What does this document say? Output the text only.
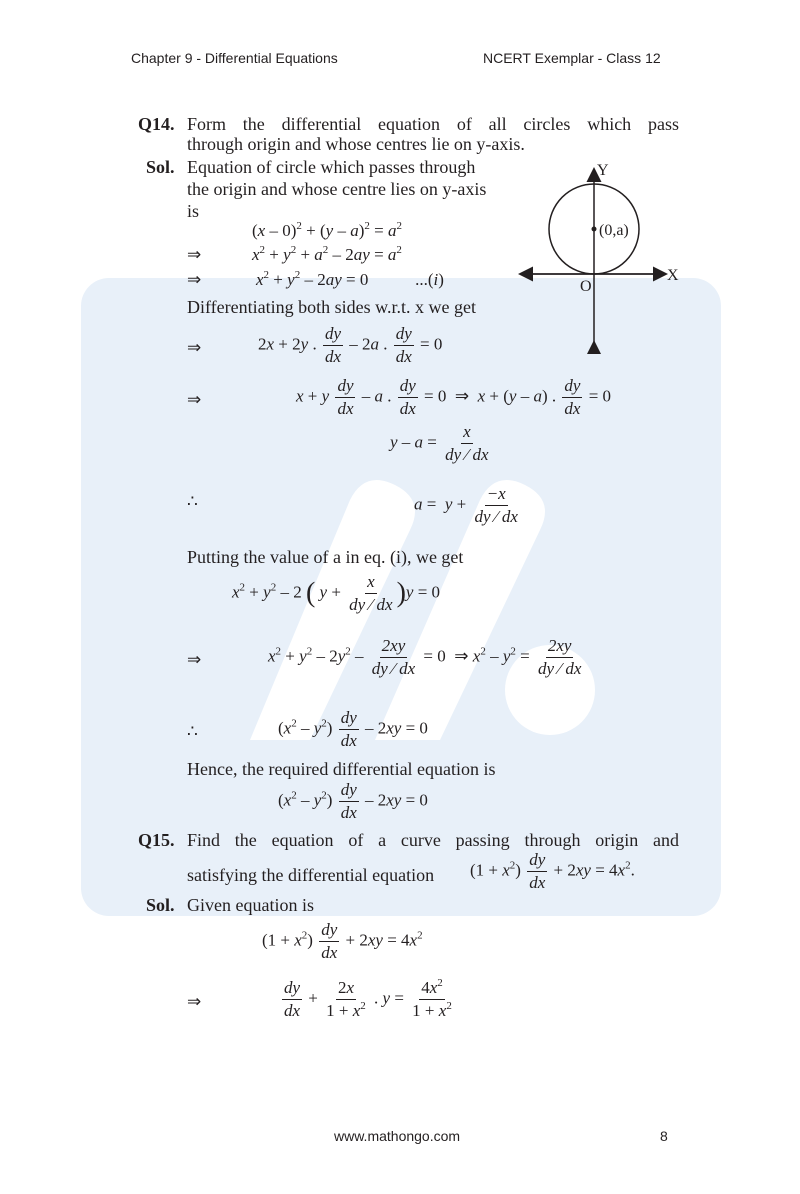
Chapter 9 - Differential Equations	NCERT Exemplar - Class 12
Q14. Form the differential equation of all circles which pass
through origin and whose centres lie on y-axis.
Sol. Equation of circle which passes through
the origin and whose centre lies on y-axis
is
Y
X
O
(0,a)
$(x - 0)^2 + (y - a)^2 = a^2$
⇒	$x^2 + y^2 + a^2 - 2ay = a^2$
⇒	$x^2 + y^2 - 2ay = 0$           ...(i)
Differentiating both sides w.r.t. x we get
⇒	2x + 2y . $\frac{dy}{dx} - 2a$ . $\frac{dy}{dx} = 0$
⇒	x + y $\frac{dy}{dx}$ – a . $\frac{dy}{dx} = 0$  ⇒  x + (y – a) . $\frac{dy}{dx} = 0$
$y - a = \frac{x}{dy ⁄ dx}$
∴	$a = y + \frac{-x}{dy ⁄ dx}$
Putting the value of a in eq. (i), we get
$x^2 + y^2 - 2$ ( $y + \frac{x}{dy ⁄ dx} )y = 0$
⇒	$x^2 + y^2 - 2y^2 - \frac{2xy}{dy ⁄ dx} = 0$  ⇒ $x^2 - y^2 = \frac{2xy}{dy ⁄ dx}$
∴	$(x^2 - y^2) \frac{dy}{dx} - 2xy = 0$
Hence, the required differential equation is
$(x^2 - y^2) \frac{dy}{dx} - 2xy = 0$
Q15. Find the equation of a curve passing through origin and
satisfying the differential equation $(1 + x^2) \frac{dy}{dx} + 2xy = 4x^2$.
Sol. Given equation is
$(1 + x^2) \frac{dy}{dx} + 2xy = 4x^2$
⇒	$\frac{dy}{dx} + \frac{2x}{1 + x^2}$ . $y = \frac{4x^2}{1 + x^2}$
www.mathongo.com	8
